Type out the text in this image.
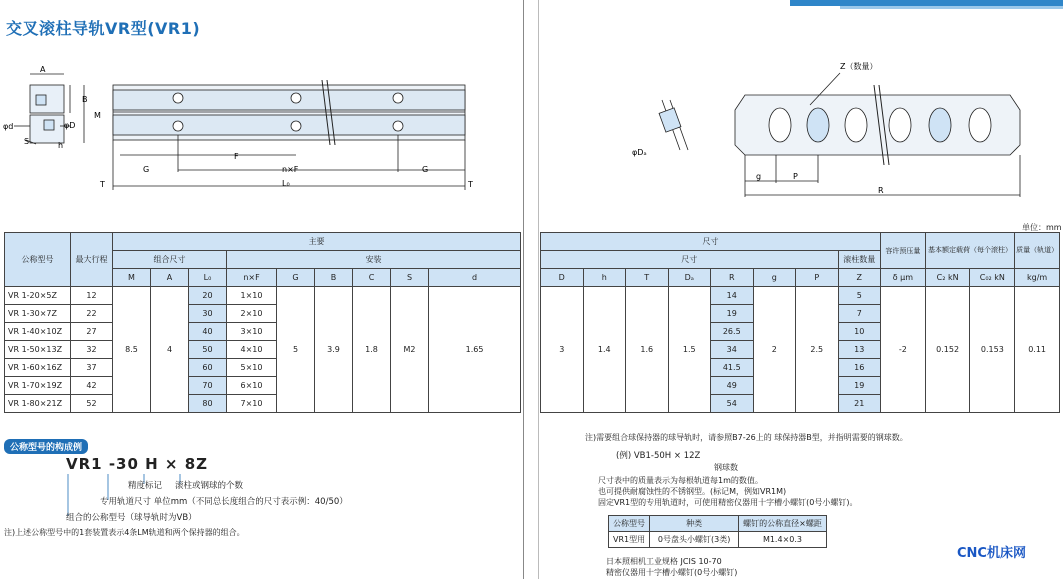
交叉滚柱导轨VR型(VR1)
A
B
M
φd	φD
S	h
G
F
n×F	G
T	L₀	T
Z（数量）
φDₐ
g	P
R
单位：mm
公称型号	最大行程	主要								
		组合尺寸			安装					
		M	A	L₀	n×F	G	B	C	S	d
VR 1-20×5Z	12	8.5	4	20	1×10	5	3.9	1.8	M2	1.65
VR 1-30×7Z	22			30	2×10					
VR 1-40×10Z	27			40	3×10					
VR 1-50×13Z	32			50	4×10					
VR 1-60×16Z	37			60	5×10					
VR 1-70×19Z	42			70	6×10					
VR 1-80×21Z	52			80	7×10					
尺寸								容许预压量	基本额定载荷（每个滚柱）		质量（轨道）
尺寸							滚柱数量				
D	h	T	Dₐ	R	g	P	Z	δ μm	C₂ kN	C₀₂ kN	kg/m
3	1.4	1.6	1.5	14	2	2.5	5	-2	0.152	0.153	0.11
				19			7				
				26.5			10				
				34			13				
				41.5			16				
				49			19				
				54			21				
公称型号的构成例
VR1 -30 H × 8Z
精度标记 滚柱或钢球的个数
专用轨道尺寸 单位mm（不同总长度组合的尺寸表示例：40/50）
组合的公称型号（球导轨时为VB）
注)上述公称型号中的1套装置表示4条LM轨道和两个保持器的组合。
注)需要组合球保持器的球导轨时，请参照B7-26上的 球保持器B型，并指明需要的钢球数。
(例) VB1-50H × 12Z
钢球数
尺寸表中的质量表示为每根轨道每1m的数值。
也可提供耐腐蚀性的不锈钢型。(标记M，例如VR1M)
固定VR1型的专用轨道时，可使用精密仪器用十字槽小螺钉(0号小螺钉)。
公称型号	种类	螺钉的公称直径×螺距
VR1型用	0号盘头小螺钉(3类)	M1.4×0.3
日本照相机工业规格 JCIS 10-70
精密仪器用十字槽小螺钉(0号小螺钉)
CNC机床网
